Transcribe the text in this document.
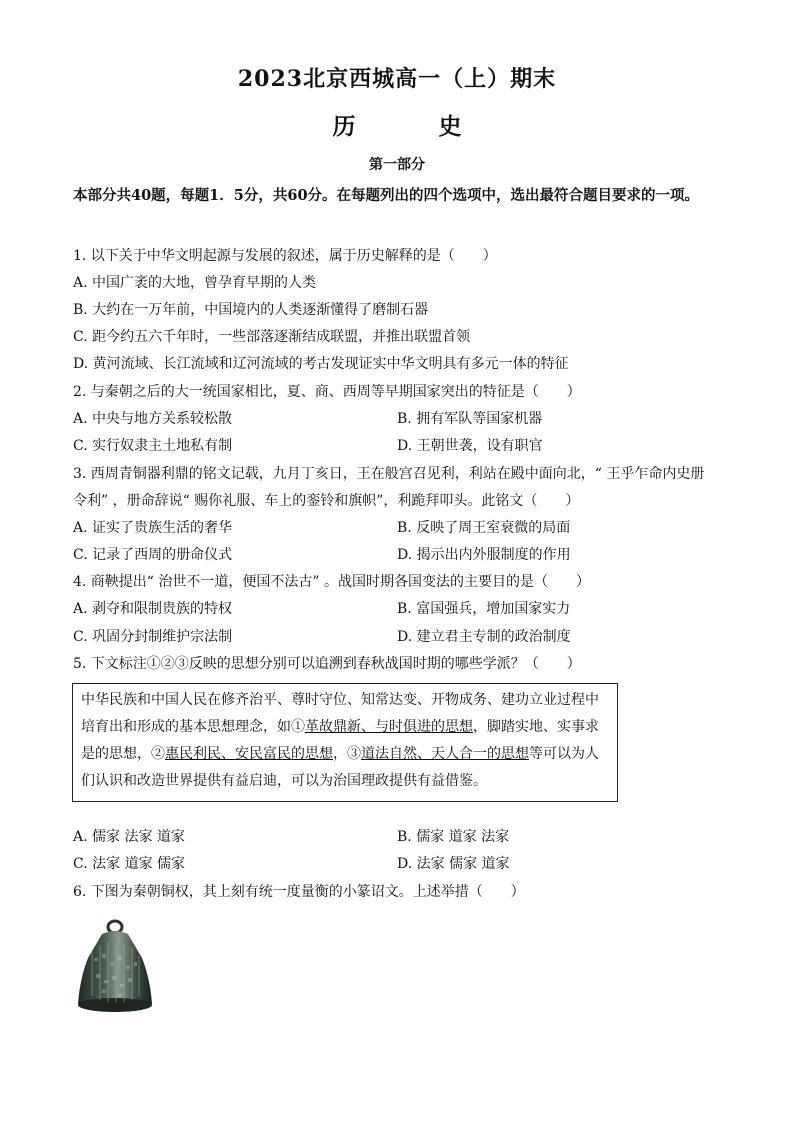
2023北京西城高一（上）期末
历　史
第一部分
本部分共40题，每题1．5分，共60分。在每题列出的四个选项中，选出最符合题目要求的一项。
1. 以下关于中华文明起源与发展的叙述，属于历史解释的是（　　）
A. 中国广袤的大地，曾孕育早期的人类
B. 大约在一万年前，中国境内的人类逐渐懂得了磨制石器
C. 距今约五六千年时，一些部落逐渐结成联盟，并推出联盟首领
D. 黄河流域、长江流域和辽河流域的考古发现证实中华文明具有多元一体的特征
2. 与秦朝之后的大一统国家相比，夏、商、西周等早期国家突出的特征是（　　）
A. 中央与地方关系较松散	B. 拥有军队等国家机器
C. 实行奴隶主土地私有制	D. 王朝世袭，设有职官
3. 西周青铜器利鼎的铭文记载，九月丁亥日，王在般宫召见利，利站在殿中面向北，“ 王乎乍命内史册
令利” ，册命辞说“ 赐你礼服、车上的銮铃和旗帜”，利跪拜叩头。此铭文（　　）
A. 证实了贵族生活的奢华	B. 反映了周王室衰微的局面
C. 记录了西周的册命仪式	D. 揭示出内外服制度的作用
4. 商鞅提出“ 治世不一道，便国不法古” 。战国时期各国变法的主要目的是（　　）
A. 剥夺和限制贵族的特权	B. 富国强兵，增加国家实力
C. 巩固分封制维护宗法制	D. 建立君主专制的政治制度
5. 下文标注①②③反映的思想分别可以追溯到春秋战国时期的哪些学派？（　　）

中华民族和中国人民在修齐治平、尊时守位、知常达变、开物成务、建功立业过程中

培育出和形成的基本思想理念，如①革故鼎新、与时俱进的思想，脚踏实地、实事求

是的思想，②惠民利民、安民富民的思想，③道法自然、天人合一的思想等可以为人

们认识和改造世界提供有益启迪，可以为治国理政提供有益借鉴。

A. 儒家 法家 道家	B. 儒家 道家 法家
C. 法家 道家 儒家	D. 法家 儒家 道家
6. 下图为秦朝铜权，其上刻有统一度量衡的小篆诏文。上述举措（　　）
